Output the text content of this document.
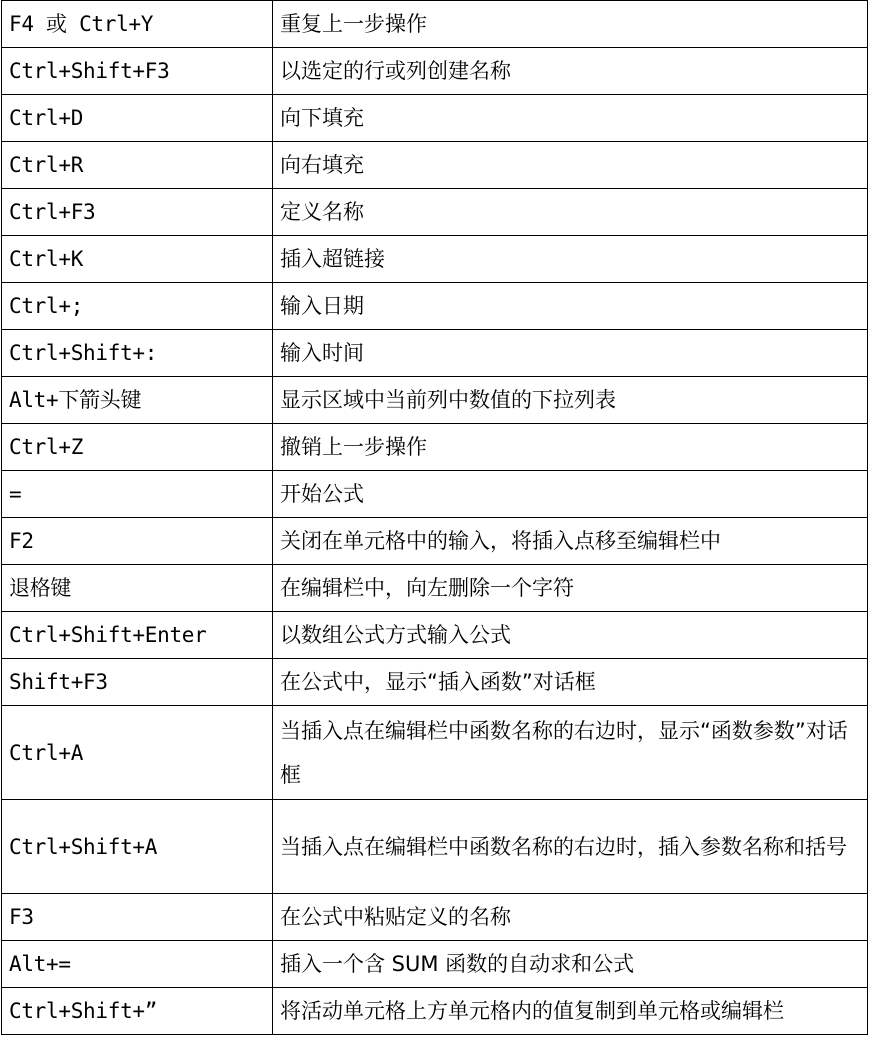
F4 或 Ctrl+Y	重复上一步操作
Ctrl+Shift+F3	以选定的行或列创建名称
Ctrl+D	向下填充
Ctrl+R	向右填充
Ctrl+F3	定义名称
Ctrl+K	插入超链接
Ctrl+;	输入日期
Ctrl+Shift+:	输入时间
Alt+下箭头键	显示区域中当前列中数值的下拉列表
Ctrl+Z	撤销上一步操作
=	开始公式
F2	关闭在单元格中的输入，将插入点移至编辑栏中
退格键	在编辑栏中，向左删除一个字符
Ctrl+Shift+Enter	以数组公式方式输入公式
Shift+F3	在公式中，显示“插入函数”对话框
Ctrl+A	当插入点在编辑栏中函数名称的右边时，显示“函数参数”对话框
Ctrl+Shift+A	当插入点在编辑栏中函数名称的右边时，插入参数名称和括号
F3	在公式中粘贴定义的名称
Alt+=	插入一个含 SUM 函数的自动求和公式
Ctrl+Shift+”	将活动单元格上方单元格内的值复制到单元格或编辑栏
